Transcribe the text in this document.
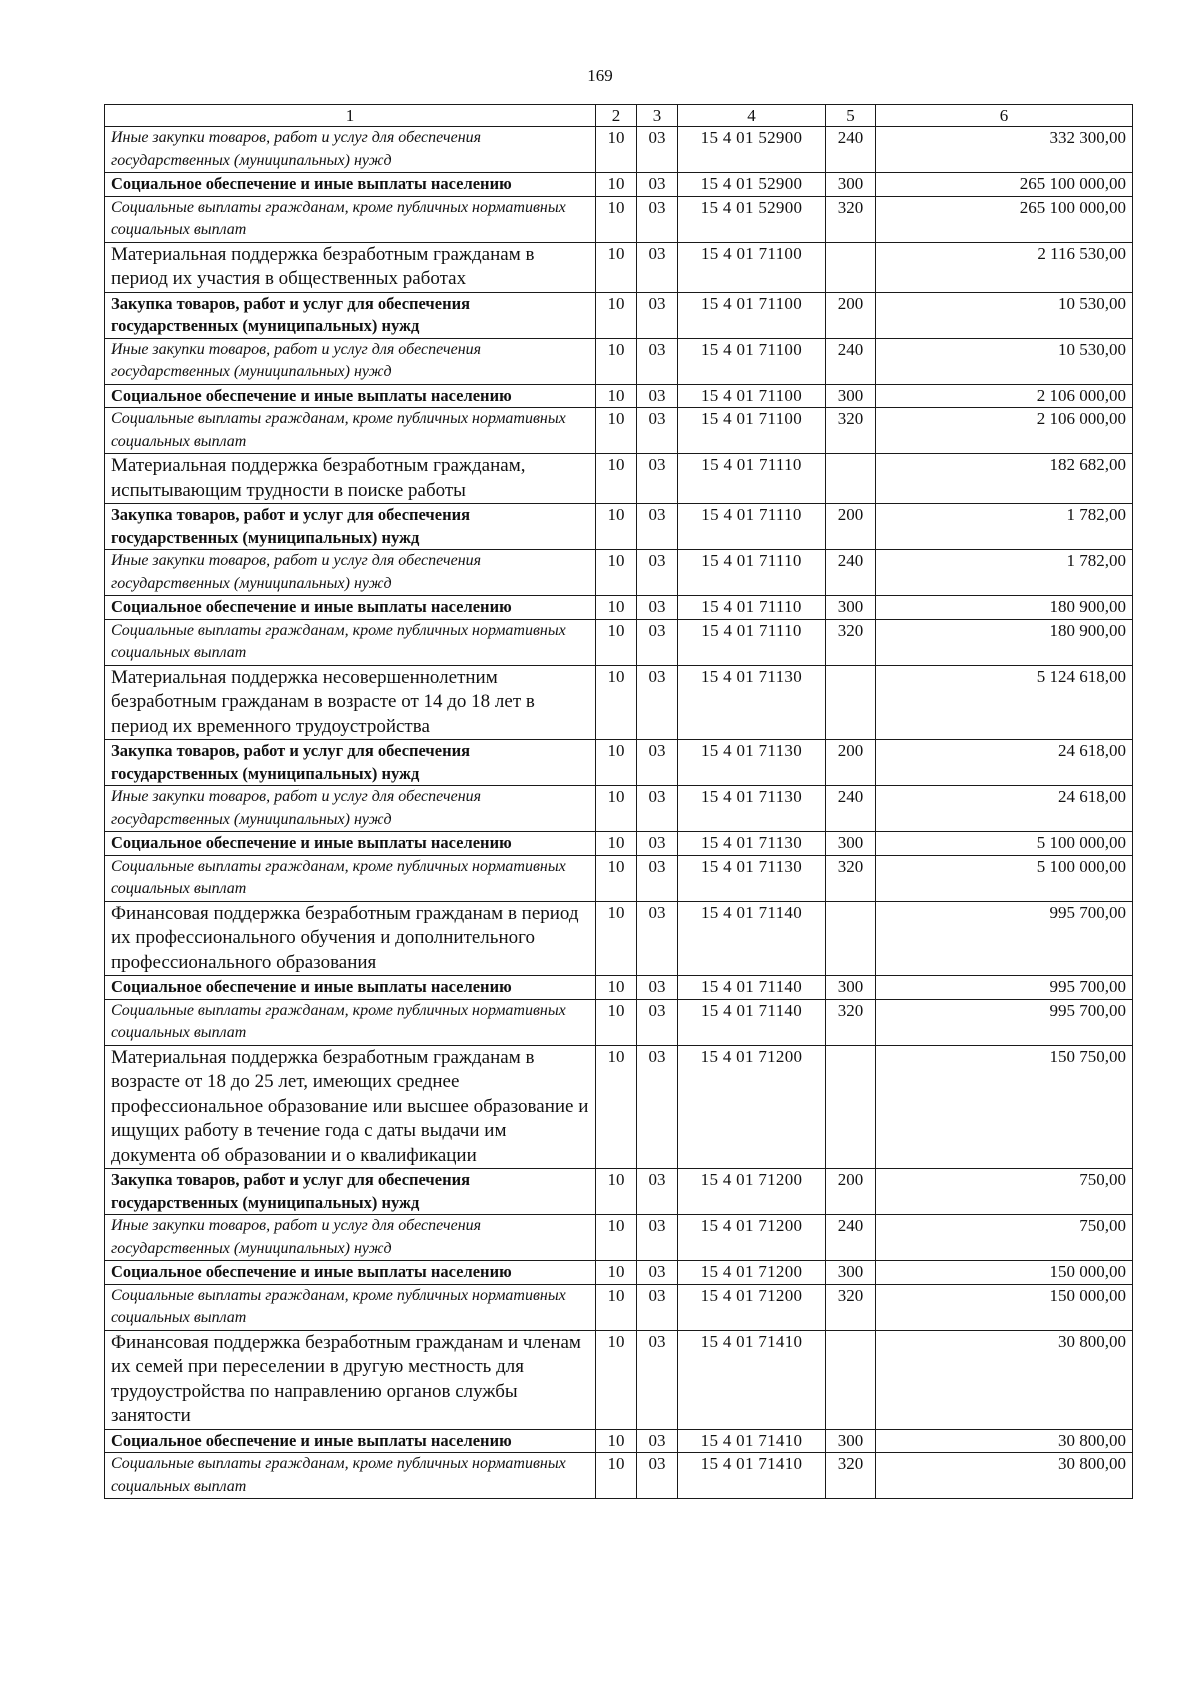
169
1	2	3	4	5	6
Иные закупки товаров, работ и услуг для обеспечения государственных (муниципальных) нужд	10	03	15 4 01 52900	240	332 300,00
Социальное обеспечение и иные выплаты населению	10	03	15 4 01 52900	300	265 100 000,00
Социальные выплаты гражданам, кроме публичных нормативных социальных выплат	10	03	15 4 01 52900	320	265 100 000,00
Материальная поддержка безработным гражданам в период их участия в общественных работах	10	03	15 4 01 71100		2 116 530,00
Закупка товаров, работ и услуг для обеспечения государственных (муниципальных) нужд	10	03	15 4 01 71100	200	10 530,00
Иные закупки товаров, работ и услуг для обеспечения государственных (муниципальных) нужд	10	03	15 4 01 71100	240	10 530,00
Социальное обеспечение и иные выплаты населению	10	03	15 4 01 71100	300	2 106 000,00
Социальные выплаты гражданам, кроме публичных нормативных социальных выплат	10	03	15 4 01 71100	320	2 106 000,00
Материальная поддержка безработным гражданам, испытывающим трудности в поиске работы	10	03	15 4 01 71110		182 682,00
Закупка товаров, работ и услуг для обеспечения государственных (муниципальных) нужд	10	03	15 4 01 71110	200	1 782,00
Иные закупки товаров, работ и услуг для обеспечения государственных (муниципальных) нужд	10	03	15 4 01 71110	240	1 782,00
Социальное обеспечение и иные выплаты населению	10	03	15 4 01 71110	300	180 900,00
Социальные выплаты гражданам, кроме публичных нормативных социальных выплат	10	03	15 4 01 71110	320	180 900,00
Материальная поддержка несовершеннолетним безработным гражданам в возрасте от 14 до 18 лет в период их временного трудоустройства	10	03	15 4 01 71130		5 124 618,00
Закупка товаров, работ и услуг для обеспечения государственных (муниципальных) нужд	10	03	15 4 01 71130	200	24 618,00
Иные закупки товаров, работ и услуг для обеспечения государственных (муниципальных) нужд	10	03	15 4 01 71130	240	24 618,00
Социальное обеспечение и иные выплаты населению	10	03	15 4 01 71130	300	5 100 000,00
Социальные выплаты гражданам, кроме публичных нормативных социальных выплат	10	03	15 4 01 71130	320	5 100 000,00
Финансовая поддержка безработным гражданам в период их профессионального обучения и дополнительного профессионального образования	10	03	15 4 01 71140		995 700,00
Социальное обеспечение и иные выплаты населению	10	03	15 4 01 71140	300	995 700,00
Социальные выплаты гражданам, кроме публичных нормативных социальных выплат	10	03	15 4 01 71140	320	995 700,00
Материальная поддержка безработным гражданам в возрасте от 18 до 25 лет, имеющих среднее профессиональное образование или высшее образование и ищущих работу в течение года с даты выдачи им документа об образовании и о квалификации	10	03	15 4 01 71200		150 750,00
Закупка товаров, работ и услуг для обеспечения государственных (муниципальных) нужд	10	03	15 4 01 71200	200	750,00
Иные закупки товаров, работ и услуг для обеспечения государственных (муниципальных) нужд	10	03	15 4 01 71200	240	750,00
Социальное обеспечение и иные выплаты населению	10	03	15 4 01 71200	300	150 000,00
Социальные выплаты гражданам, кроме публичных нормативных социальных выплат	10	03	15 4 01 71200	320	150 000,00
Финансовая поддержка безработным гражданам и членам их семей при переселении в другую местность для трудоустройства по направлению органов службы занятости	10	03	15 4 01 71410		30 800,00
Социальное обеспечение и иные выплаты населению	10	03	15 4 01 71410	300	30 800,00
Социальные выплаты гражданам, кроме публичных нормативных социальных выплат	10	03	15 4 01 71410	320	30 800,00
